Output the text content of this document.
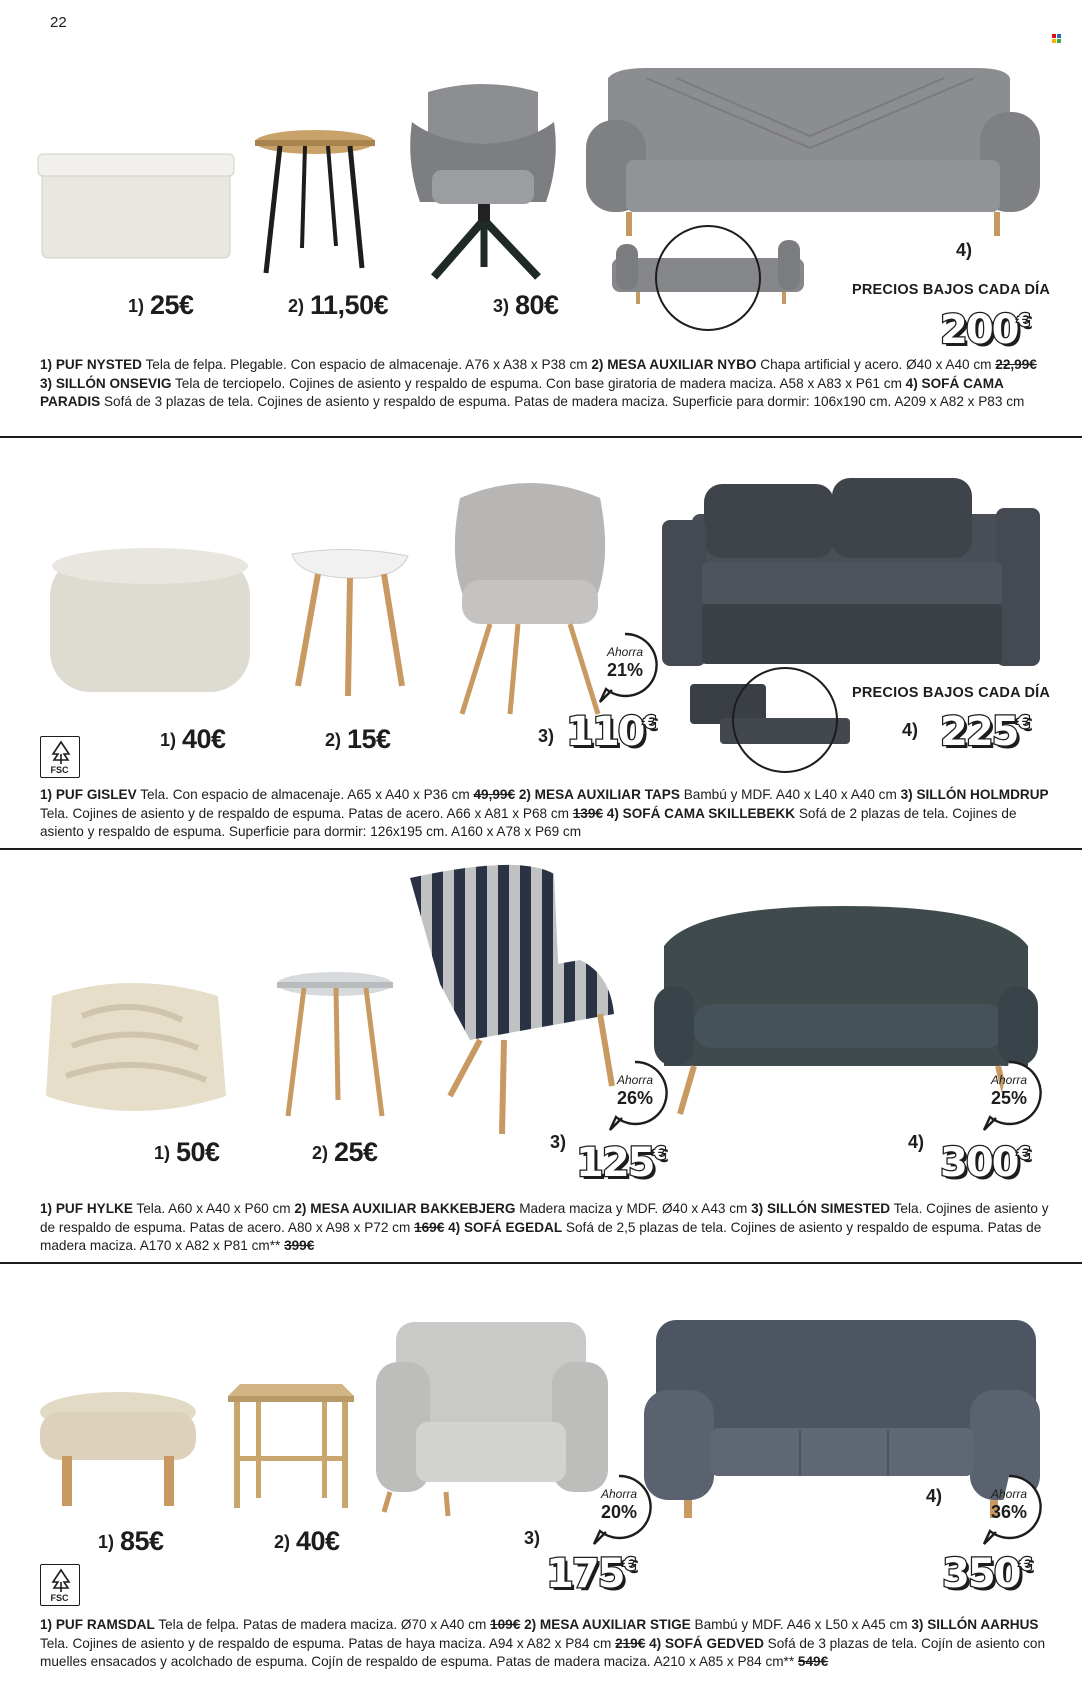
22
1) 25€	2) 11,50€	3) 80€
4)
PRECIOS BAJOS CADA DÍA
200€
1) PUF NYSTED Tela de felpa. Plegable. Con espacio de almacenaje. A76 x A38 x P38 cm 2) MESA AUXILIAR NYBO Chapa artificial y acero. Ø40 x A40 cm 22,99€ 3) SILLÓN ONSEVIG Tela de terciopelo. Cojines de asiento y respaldo de espuma. Con base giratoria de madera maciza. A58 x A83 x P61 cm 4) SOFÁ CAMA PARADIS Sofá de 3 plazas de tela. Cojines de asiento y respaldo de espuma. Patas de madera maciza. Superficie para dormir: 106x190 cm. A209 x A82 x P83 cm
Ahorra
21%
1) 40€	2) 15€	3) 110€
PRECIOS BAJOS CADA DÍA
4) 225€
FSC
1) PUF GISLEV Tela. Con espacio de almacenaje. A65 x A40 x P36 cm 49,99€ 2) MESA AUXILIAR TAPS Bambú y MDF. A40 x L40 x A40 cm 3) SILLÓN HOLMDRUP Tela. Cojines de asiento y de respaldo de espuma. Patas de acero. A66 x A81 x P68 cm 139€ 4) SOFÁ CAMA SKILLEBEKK Sofá de 2 plazas de tela. Cojines de asiento y respaldo de espuma. Superficie para dormir: 126x195 cm. A160 x A78 x P69 cm
Ahorra
26%
Ahorra
25%
1) 50€	2) 25€	3) 125€
4) 300€
1) PUF HYLKE Tela. A60 x A40 x P60 cm 2) MESA AUXILIAR BAKKEBJERG Madera maciza y MDF. Ø40 x A43 cm 3) SILLÓN SIMESTED Tela. Cojines de asiento y de respaldo de espuma. Patas de acero. A80 x A98 x P72 cm 169€ 4) SOFÁ EGEDAL Sofá de 2,5 plazas de tela. Cojines de asiento y respaldo de espuma. Patas de madera maciza. A170 x A82 x P81 cm** 399€
Ahorra
20%
Ahorra
36%
1) 85€	2) 40€	3)
175€
4)
350€
FSC
1) PUF RAMSDAL Tela de felpa. Patas de madera maciza. Ø70 x A40 cm 109€ 2) MESA AUXILIAR STIGE Bambú y MDF. A46 x L50 x A45 cm 3) SILLÓN AARHUS Tela. Cojines de asiento y de respaldo de espuma. Patas de haya maciza. A94 x A82 x P84 cm 219€ 4) SOFÁ GEDVED Sofá de 3 plazas de tela. Cojín de asiento con muelles ensacados y acolchado de espuma. Cojín de respaldo de espuma. Patas de madera maciza. A210 x A85 x P84 cm** 549€
